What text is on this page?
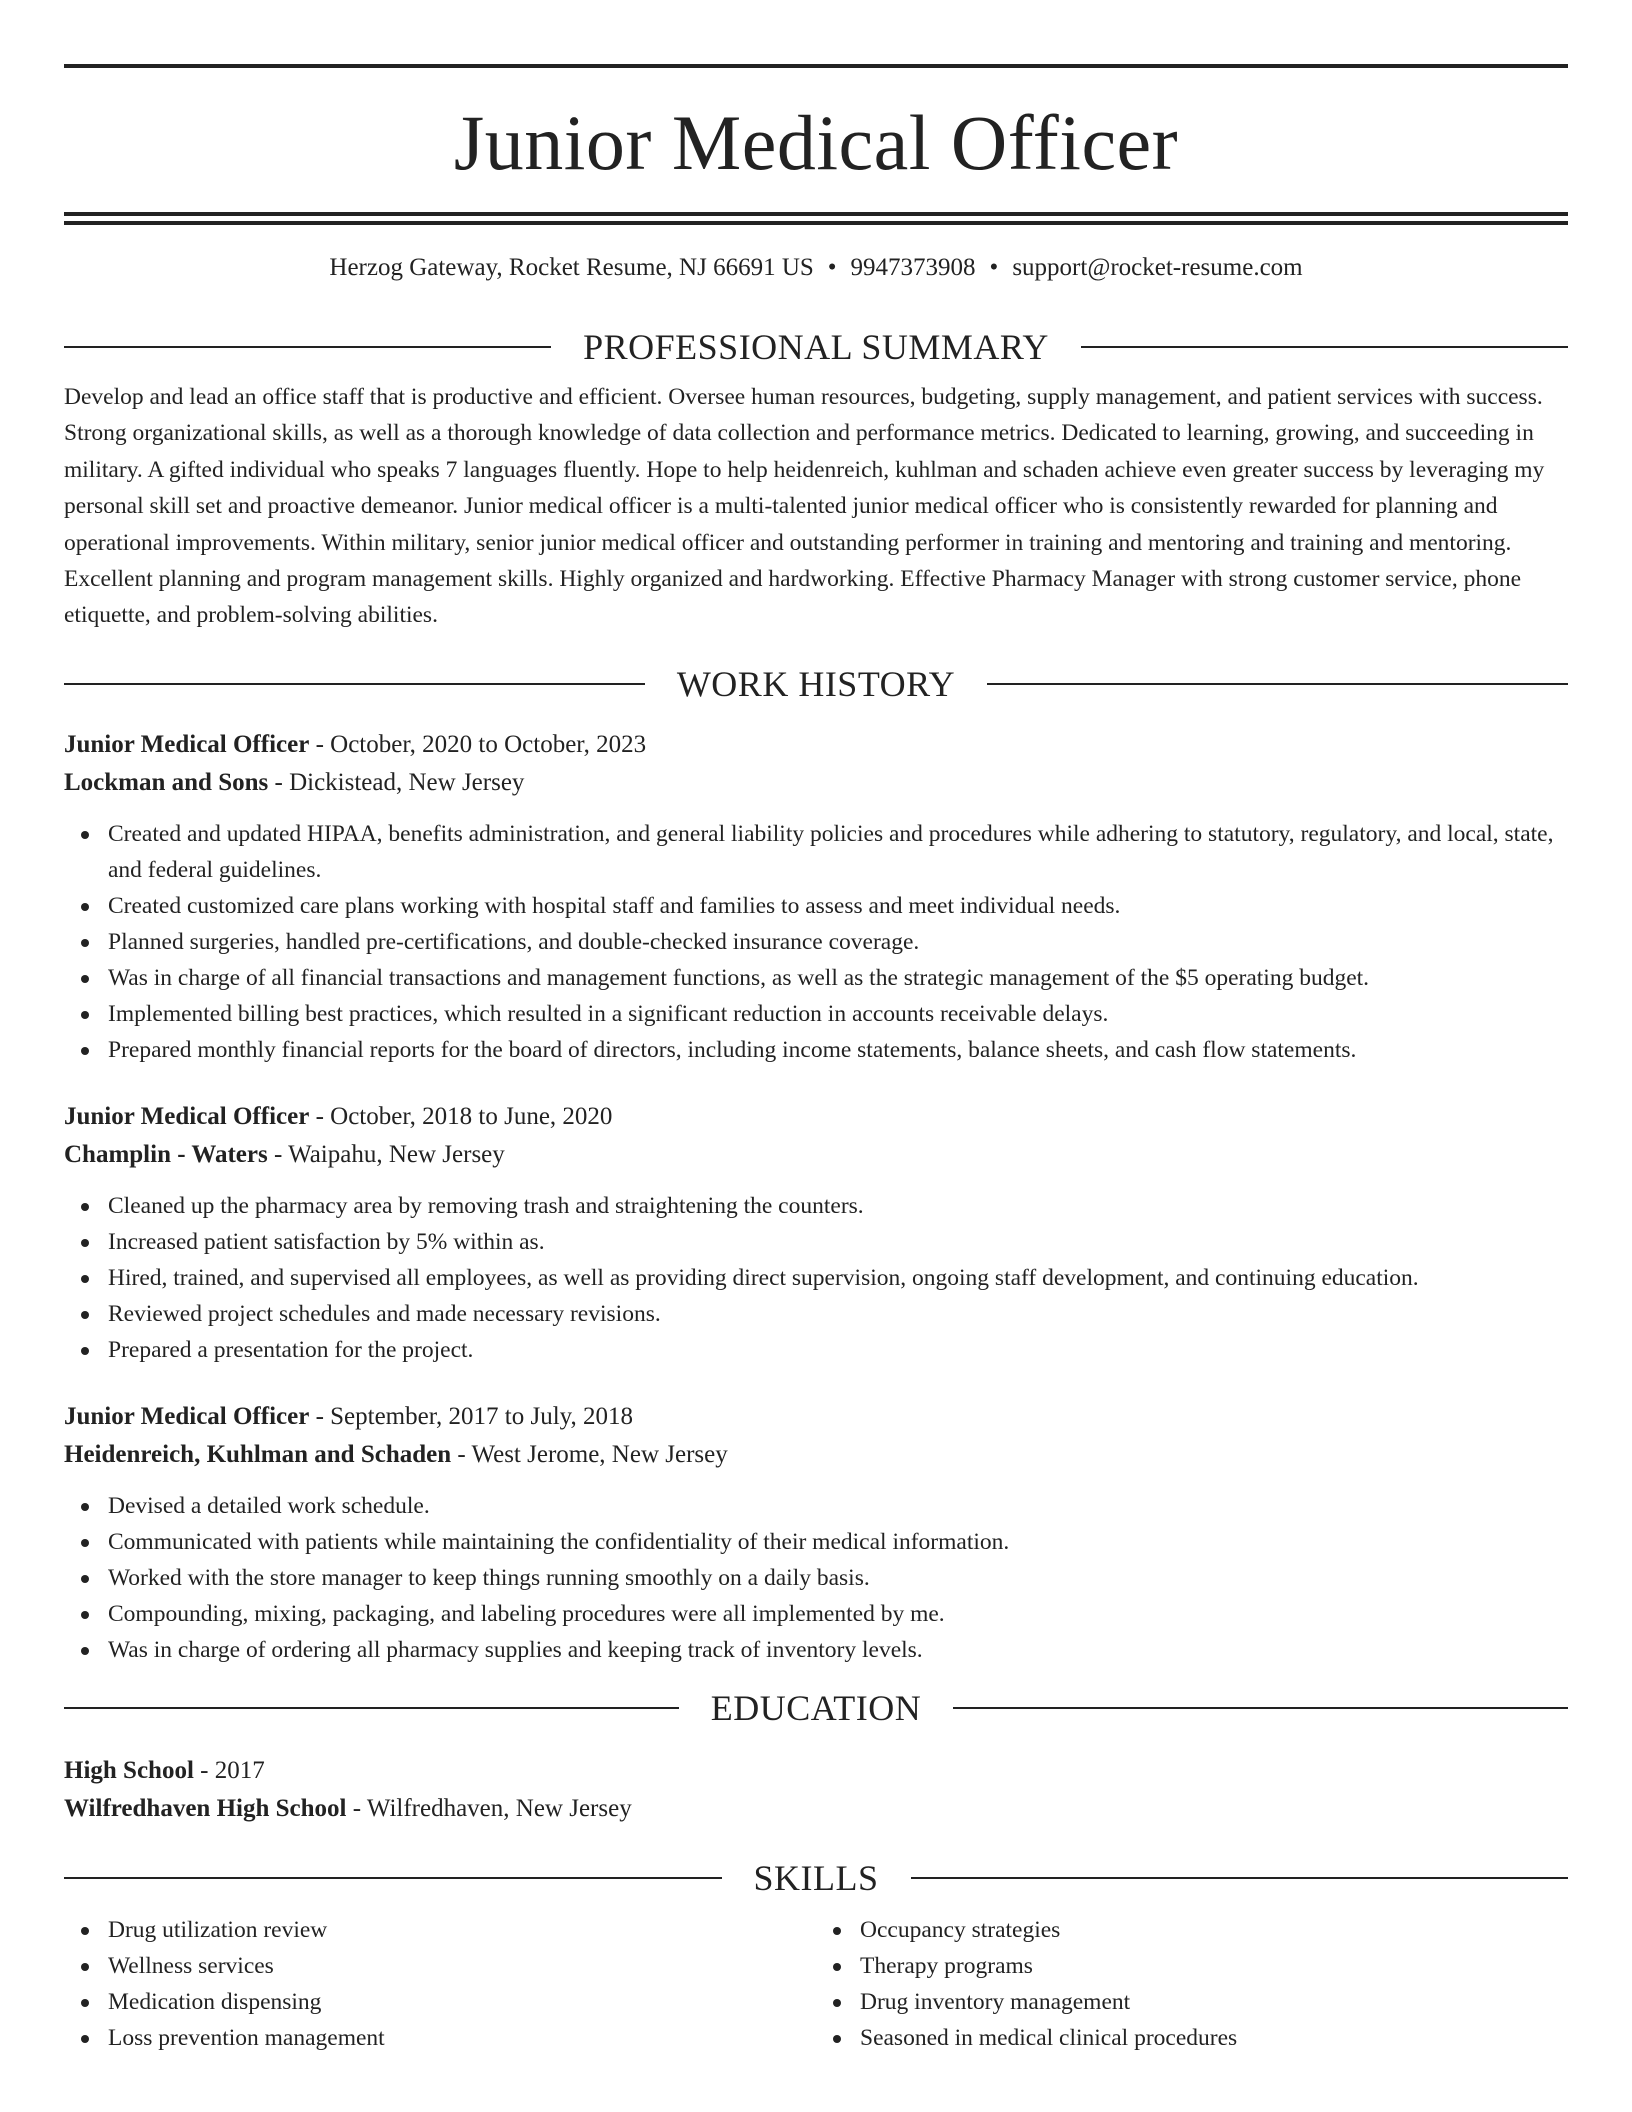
Junior Medical Officer
Herzog Gateway, Rocket Resume, NJ 66691 US • 9947373908 • support@rocket-resume.com
PROFESSIONAL SUMMARY
Develop and lead an office staff that is productive and efficient. Oversee human resources, budgeting, supply management, and patient services with success. Strong organizational skills, as well as a thorough knowledge of data collection and performance metrics. Dedicated to learning, growing, and succeeding in military. A gifted individual who speaks 7 languages fluently. Hope to help heidenreich, kuhlman and schaden achieve even greater success by leveraging my personal skill set and proactive demeanor. Junior medical officer is a multi-talented junior medical officer who is consistently rewarded for planning and operational improvements. Within military, senior junior medical officer and outstanding performer in training and mentoring and training and mentoring. Excellent planning and program management skills. Highly organized and hardworking. Effective Pharmacy Manager with strong customer service, phone etiquette, and problem-solving abilities.
WORK HISTORY
Junior Medical Officer - October, 2020 to October, 2023
Lockman and Sons - Dickistead, New Jersey
Created and updated HIPAA, benefits administration, and general liability policies and procedures while adhering to statutory, regulatory, and local, state, and federal guidelines.
Created customized care plans working with hospital staff and families to assess and meet individual needs.
Planned surgeries, handled pre-certifications, and double-checked insurance coverage.
Was in charge of all financial transactions and management functions, as well as the strategic management of the $5 operating budget.
Implemented billing best practices, which resulted in a significant reduction in accounts receivable delays.
Prepared monthly financial reports for the board of directors, including income statements, balance sheets, and cash flow statements.
Junior Medical Officer - October, 2018 to June, 2020
Champlin - Waters - Waipahu, New Jersey
Cleaned up the pharmacy area by removing trash and straightening the counters.
Increased patient satisfaction by 5% within as.
Hired, trained, and supervised all employees, as well as providing direct supervision, ongoing staff development, and continuing education.
Reviewed project schedules and made necessary revisions.
Prepared a presentation for the project.
Junior Medical Officer - September, 2017 to July, 2018
Heidenreich, Kuhlman and Schaden - West Jerome, New Jersey
Devised a detailed work schedule.
Communicated with patients while maintaining the confidentiality of their medical information.
Worked with the store manager to keep things running smoothly on a daily basis.
Compounding, mixing, packaging, and labeling procedures were all implemented by me.
Was in charge of ordering all pharmacy supplies and keeping track of inventory levels.
EDUCATION
High School - 2017
Wilfredhaven High School - Wilfredhaven, New Jersey
SKILLS
Drug utilization review
Wellness services
Medication dispensing
Loss prevention management
Occupancy strategies
Therapy programs
Drug inventory management
Seasoned in medical clinical procedures
